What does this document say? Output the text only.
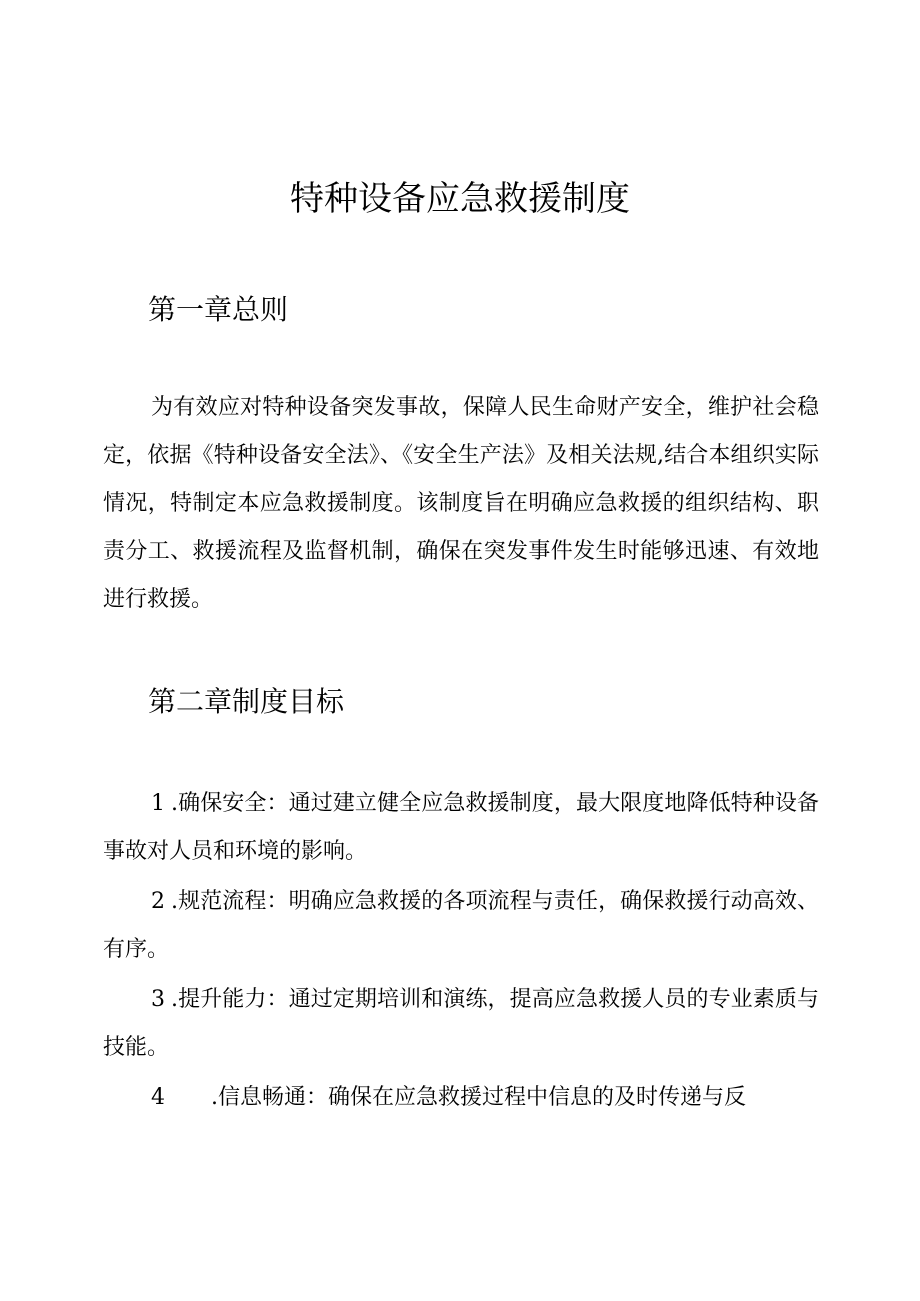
特种设备应急救援制度
第一章总则

为有效应对特种设备突发事故，保障人民生命财产安全，维护社会稳定，依据《特种设备安全法》、《安全生产法》及相关法规,结合本组织实际情况，特制定本应急救援制度。该制度旨在明确应急救援的组织结构、职责分工、救援流程及监督机制，确保在突发事件发生时能够迅速、有效地进行救援。

第二章制度目标

1 .确保安全：通过建立健全应急救援制度，最大限度地降低特种设备事故对人员和环境的影响。

2 .规范流程：明确应急救援的各项流程与责任，确保救援行动高效、有序。

3 .提升能力：通过定期培训和演练，提高应急救援人员的专业素质与技能。

4 .信息畅通：确保在应急救援过程中信息的及时传递与反
